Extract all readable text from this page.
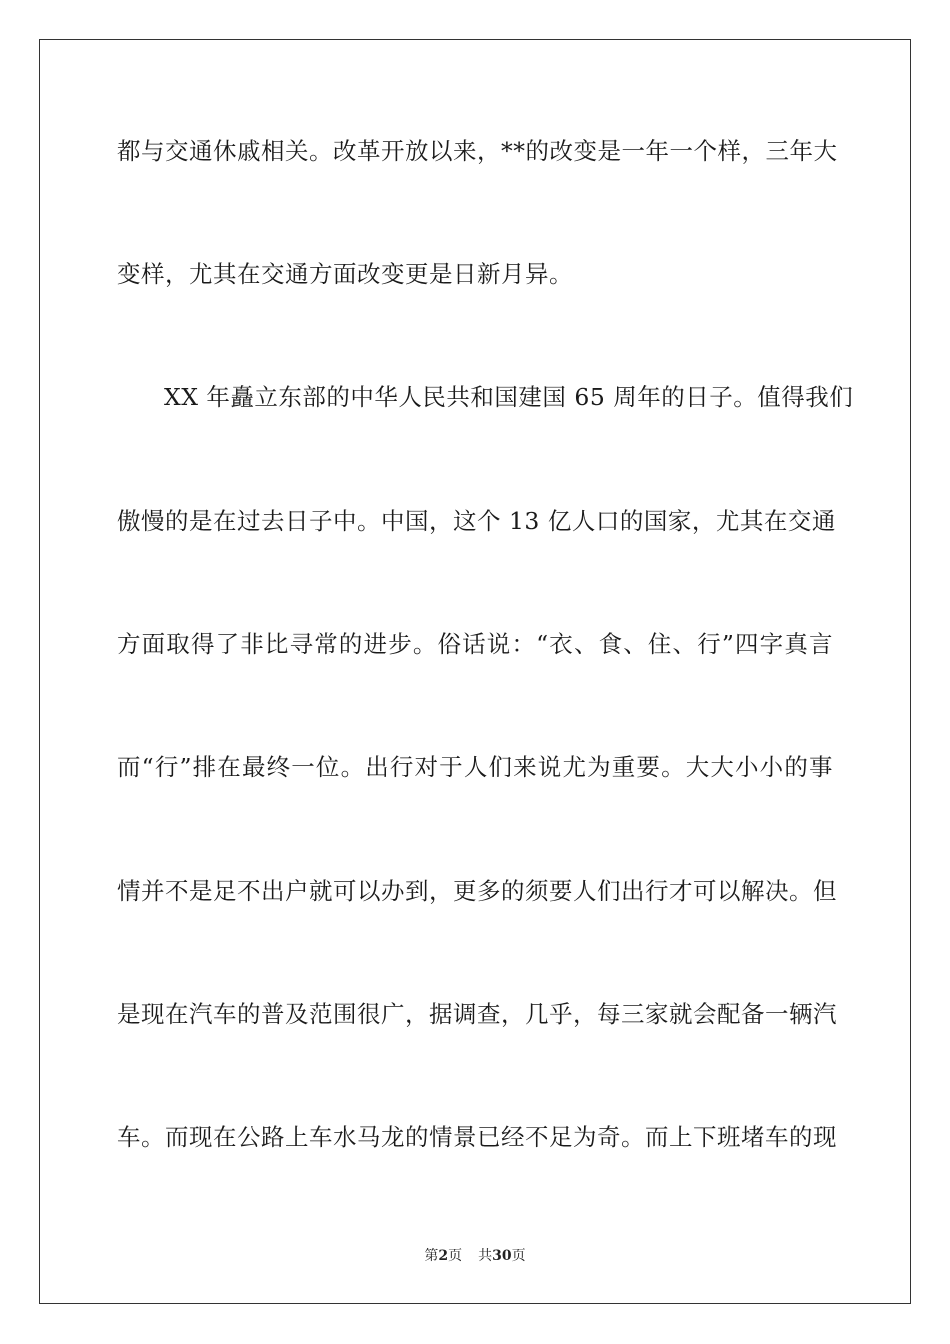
都与交通休戚相关。改革开放以来，**的改变是一年一个样，三年大
变样，尤其在交通方面改变更是日新月异。
XX 年矗立东部的中华人民共和国建国 65 周年的日子。值得我们
傲慢的是在过去日子中。中国，这个 13 亿人口的国家，尤其在交通
方面取得了非比寻常的进步。俗话说：“衣、食、住、行”四字真言
而“行”排在最终一位。出行对于人们来说尤为重要。大大小小的事
情并不是足不出户就可以办到，更多的须要人们出行才可以解决。但
是现在汽车的普及范围很广，据调查，几乎，每三家就会配备一辆汽
车。而现在公路上车水马龙的情景已经不足为奇。而上下班堵车的现
第2页 共30页
